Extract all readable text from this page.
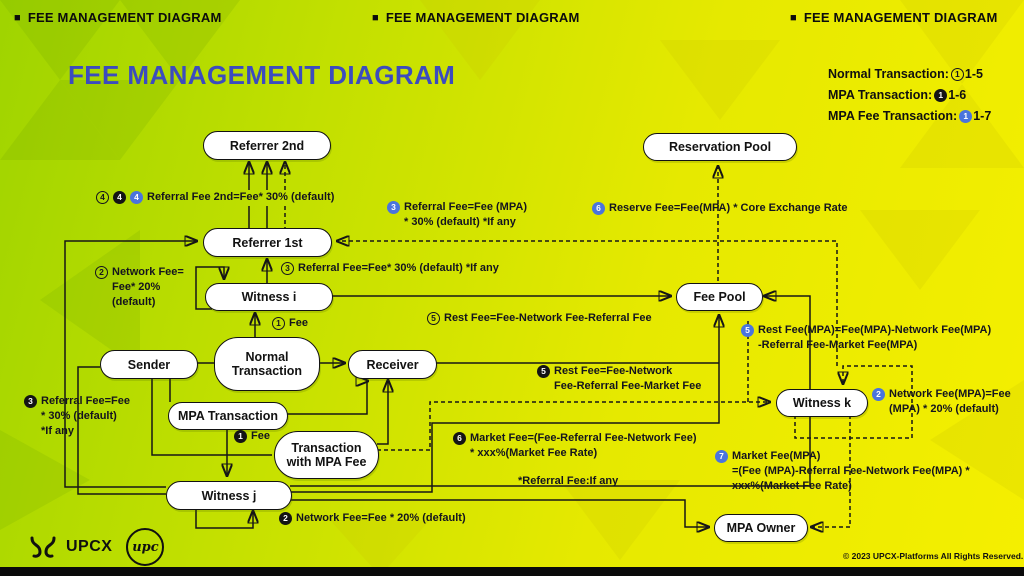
■ FEE MANAGEMENT DIAGRAM	■ FEE MANAGEMENT DIAGRAM	■ FEE MANAGEMENT DIAGRAM
FEE MANAGEMENT DIAGRAM	Normal Transaction: 1 1-5
MPA Transaction: 1 1-6
MPA Fee Transaction: 1 1-7
Referrer 2nd	Reservation Pool
Referrer 1st
Witness i	Fee Pool
Sender
Normal Transaction	Receiver
MPA Transaction
Witness k
Transaction with MPA Fee
Witness j
MPA Owner
4	4	4 Referral Fee 2nd=Fee* 30% (default)
3 Referral Fee=Fee (MPA)
* 30% (default) *If any
6 Reserve Fee=Fee(MPA) * Core Exchange Rate
3 Referral Fee=Fee* 30% (default) *If any
2 Network Fee=
Fee* 20%
(default)
1 Fee	5 Rest Fee=Fee-Network Fee-Referral Fee
5 Rest Fee(MPA)=Fee(MPA)-Network Fee(MPA)
-Referral Fee-Market Fee(MPA)
5 Rest Fee=Fee-Network
Fee-Referral Fee-Market Fee
3 Referral Fee=Fee
* 30% (default)
*If any	1 Fee
2 Network Fee(MPA)=Fee
(MPA) * 20% (default)
6 Market Fee=(Fee-Referral Fee-Network Fee)
* xxx%(Market Fee Rate)	7 Market Fee(MPA)
=(Fee (MPA)-Referral Fee-Network Fee(MPA) *
xxx%(Market Fee Rate)
*Referral Fee:If any
2 Network Fee=Fee * 20% (default)
UPCX	upc
© 2023 UPCX-Platforms All Rights Reserved.
